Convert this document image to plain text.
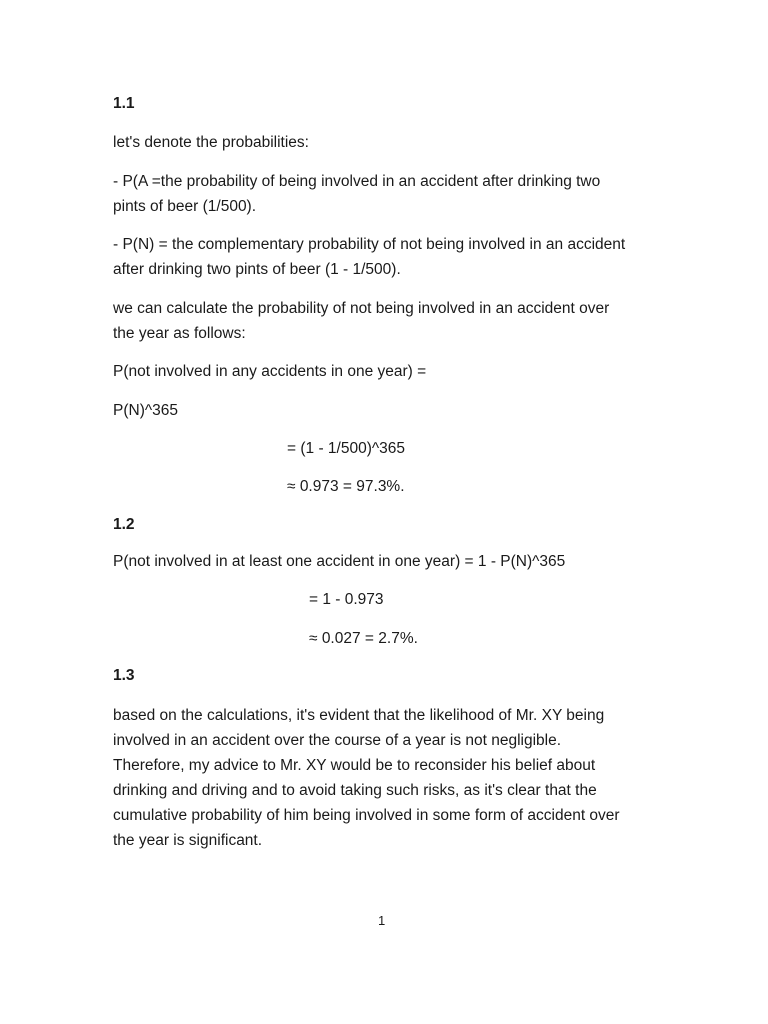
1.1
let's denote the probabilities:
- P(A =the probability of being involved in an accident after drinking two
pints of beer (1/500).
- P(N) = the complementary probability of not being involved in an accident
after drinking two pints of beer (1 - 1/500).
we can calculate the probability of not being involved in an accident over
the year as follows:
P(not involved in any accidents in one year) =
P(N)^365
= (1 - 1/500)^365
≈ 0.973 = 97.3%.
1.2
P(not involved in at least one accident in one year) = 1 - P(N)^365
= 1 - 0.973
≈ 0.027 = 2.7%.
1.3
based on the calculations, it's evident that the likelihood of Mr. XY being
involved in an accident over the course of a year is not negligible.
Therefore, my advice to Mr. XY would be to reconsider his belief about
drinking and driving and to avoid taking such risks, as it's clear that the
cumulative probability of him being involved in some form of accident over
the year is significant.
1
